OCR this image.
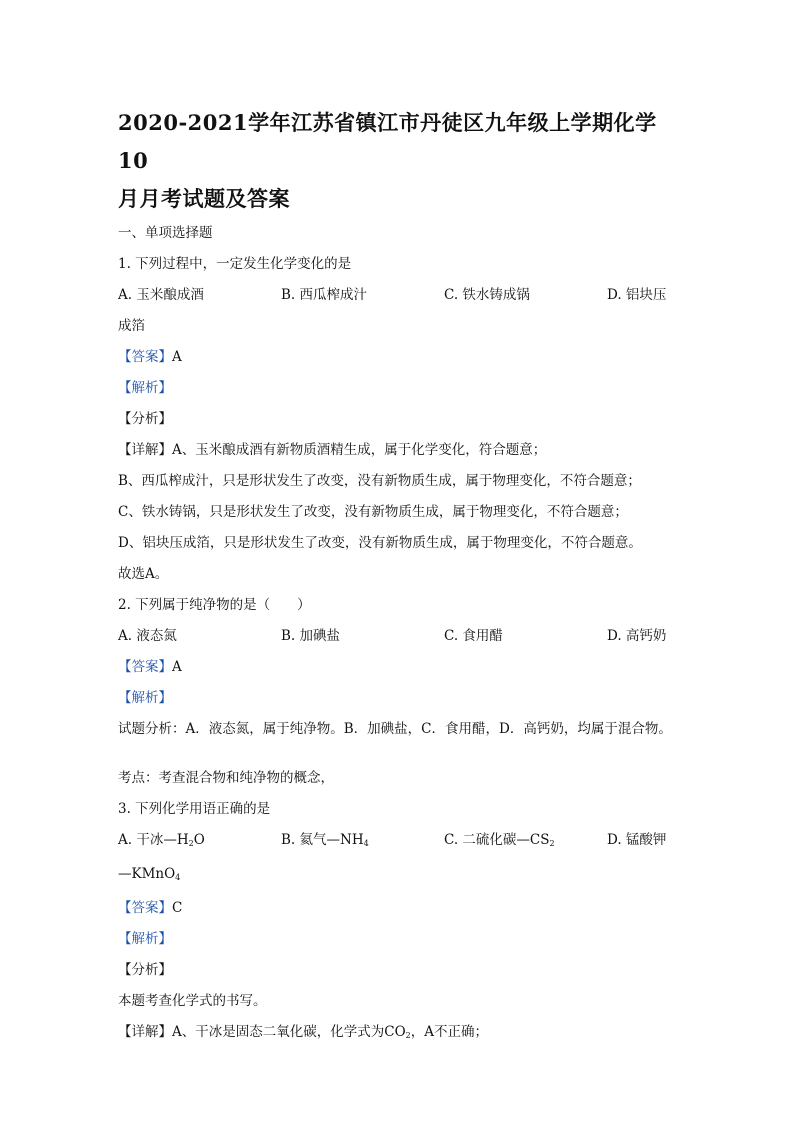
2020-2021学年江苏省镇江市丹徒区九年级上学期化学 10
月月考试题及答案
一、单项选择题
1. 下列过程中，一定发生化学变化的是
A. 玉米酿成酒	B. 西瓜榨成汁	C. 铁水铸成锅	D. 铝块压
成箔
【答案】A
【解析】
【分析】
【详解】A、玉米酿成酒有新物质酒精生成，属于化学变化，符合题意；
B、西瓜榨成汁，只是形状发生了改变，没有新物质生成，属于物理变化，不符合题意；
C、铁水铸锅，只是形状发生了改变，没有新物质生成，属于物理变化，不符合题意；
D、铝块压成箔，只是形状发生了改变，没有新物质生成，属于物理变化，不符合题意。
故选A。
2. 下列属于纯净物的是（　　）
A. 液态氮	B. 加碘盐	C. 食用醋	D. 高钙奶
【答案】A
【解析】
试题分析：A．液态氮，属于纯净物。B．加碘盐，C．食用醋，D．高钙奶，均属于混合物。
考点：考查混合物和纯净物的概念，
3. 下列化学用语正确的是
A. 干冰$—H_2O$	B. 氦气$—NH_4$	C. 二硫化碳$—CS_2$	D. 锰酸钾
—KMnO$_4$
【答案】C
【解析】
【分析】
本题考查化学式的书写。
【详解】A、干冰是固态二氧化碳，化学式为$CO_2$，A不正确；
